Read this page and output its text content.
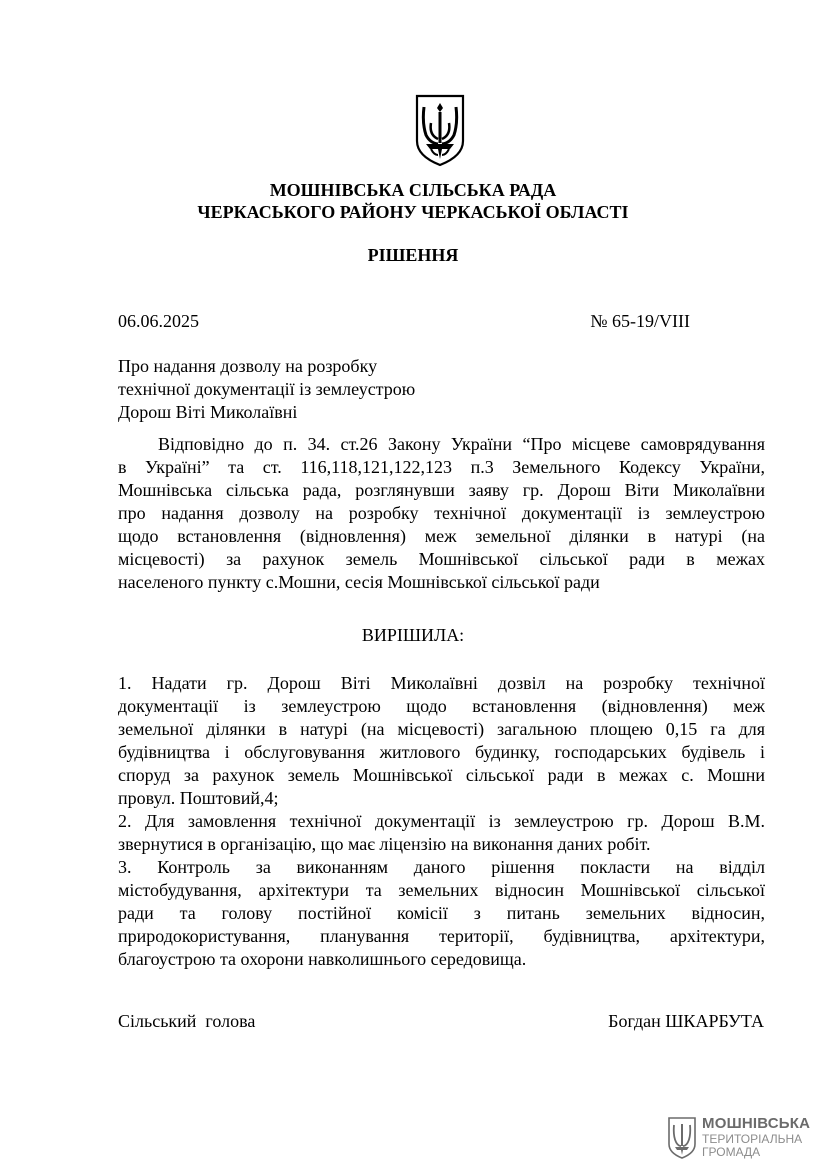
МОШНІВСЬКА СІЛЬСЬКА РАДА
ЧЕРКАСЬКОГО РАЙОНУ ЧЕРКАСЬКОЇ ОБЛАСТІ
РІШЕННЯ
06.06.2025	№ 65-19/VIII
Про надання дозволу на розробку
технічної документації із землеустрою
Дорош Віті Миколаївні
Відповідно до п. 34. ст.26 Закону України “Про місцеве самоврядування
в Україні” та ст. 116,118,121,122,123 п.3 Земельного Кодексу України,
Мошнівська сільська рада, розглянувши заяву гр. Дорош Віти Миколаївни
про надання дозволу на розробку технічної документації із землеустрою
щодо встановлення (відновлення) меж земельної ділянки в натурі (на
місцевості) за рахунок земель Мошнівської сільської ради в межах
населеного пункту с.Мошни, сесія Мошнівської сільської ради
ВИРІШИЛА:
1. Надати гр. Дорош Віті Миколаївні дозвіл на розробку технічної
документації із землеустрою щодо встановлення (відновлення) меж
земельної ділянки в натурі (на місцевості) загальною площею 0,15 га для
будівництва і обслуговування житлового будинку, господарських будівель і
споруд за рахунок земель Мошнівської сільської ради в межах с. Мошни
провул. Поштовий,4;
2. Для замовлення технічної документації із землеустрою гр. Дорош В.М.
звернутися в організацію, що має ліцензію на виконання даних робіт.
3. Контроль за виконанням даного рішення покласти на відділ
містобудування, архітектури та земельних відносин Мошнівської сільської
ради та голову постійної комісії з питань земельних відносин,
природокористування, планування території, будівництва, архітектури,
благоустрою та охорони навколишнього середовища.
Сільський  голова	Богдан ШКАРБУТА
МОШНІВСЬКА
ТЕРИТОРІАЛЬНА
ГРОМАДА
